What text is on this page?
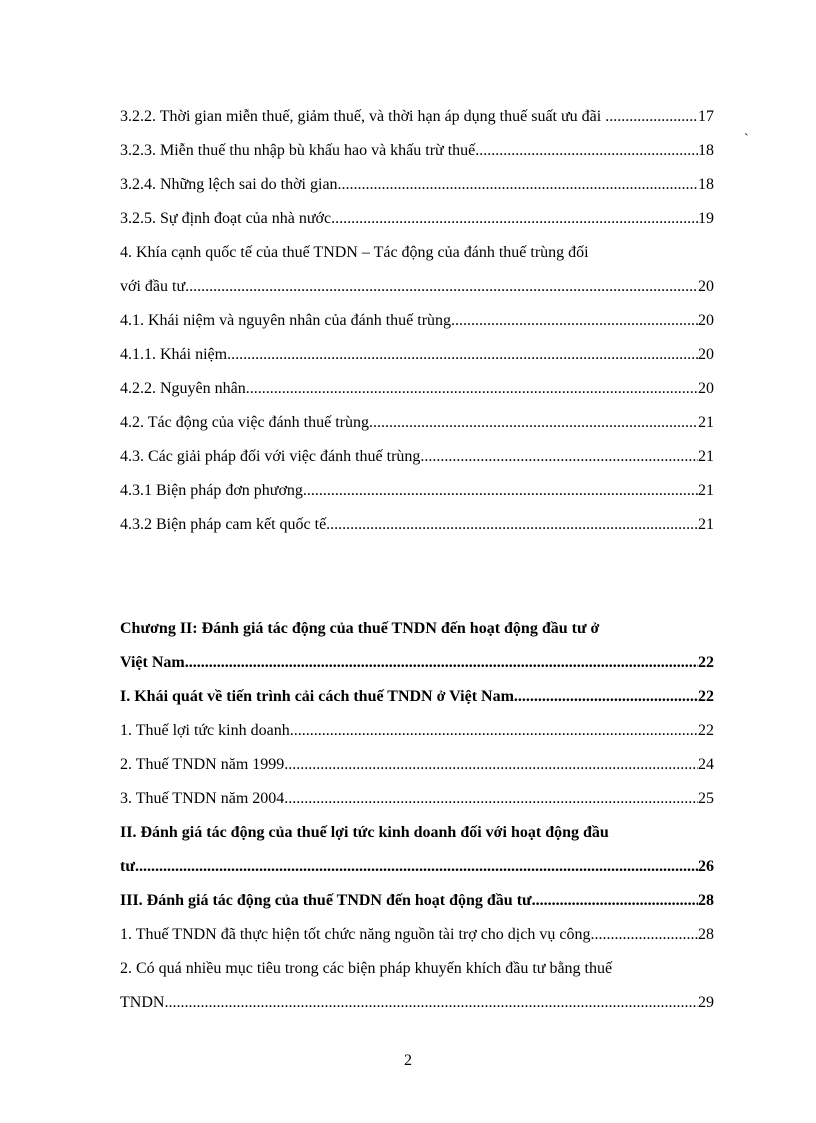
`
3.2.2. Thời gian miễn thuế, giảm thuế, và thời hạn áp dụng thuế suất ưu đãi .. .....	17
3.2.3. Miễn thuế thu nhập bù khấu hao và khấu trừ thuế .....	18
3.2.4. Những lệch sai do thời gian .....	18
3.2.5. Sự định đoạt của nhà nước .....	19
4. Khía cạnh quốc tế của thuế TNDN – Tác động của đánh thuế trùng đối
với đầu tư .....	20
4.1. Khái niệm và nguyên nhân của đánh thuế trùng .....	20
4.1.1. Khái niệm .....	20
4.2.2. Nguyên nhân .....	20
4.2. Tác động của việc đánh thuế trùng .....	21
4.3. Các giải pháp đối với việc đánh thuế trùng .....	21
4.3.1 Biện pháp đơn phương .....	21
4.3.2 Biện pháp cam kết quốc tế .....	21
Chương II: Đánh giá tác động của thuế TNDN đến hoạt động đầu tư ở
Việt Nam .....	22
I. Khái quát về tiến trình cải cách thuế TNDN ở Việt Nam .....	22
1. Thuế lợi tức kinh doanh .....	22
2. Thuế TNDN năm 1999 .....	24
3. Thuế TNDN năm 2004 .....	25
II. Đánh giá tác động của thuế lợi tức kinh doanh đối với hoạt động đầu
tư .....	26
III. Đánh giá tác động của thuế TNDN đến hoạt động đầu tư .....	28
1. Thuế TNDN đã thực hiện tốt chức năng nguồn tài trợ cho dịch vụ công. .....	28
2. Có quá nhiều mục tiêu trong các biện pháp khuyến khích đầu tư bằng thuế
TNDN. .....	29
2
